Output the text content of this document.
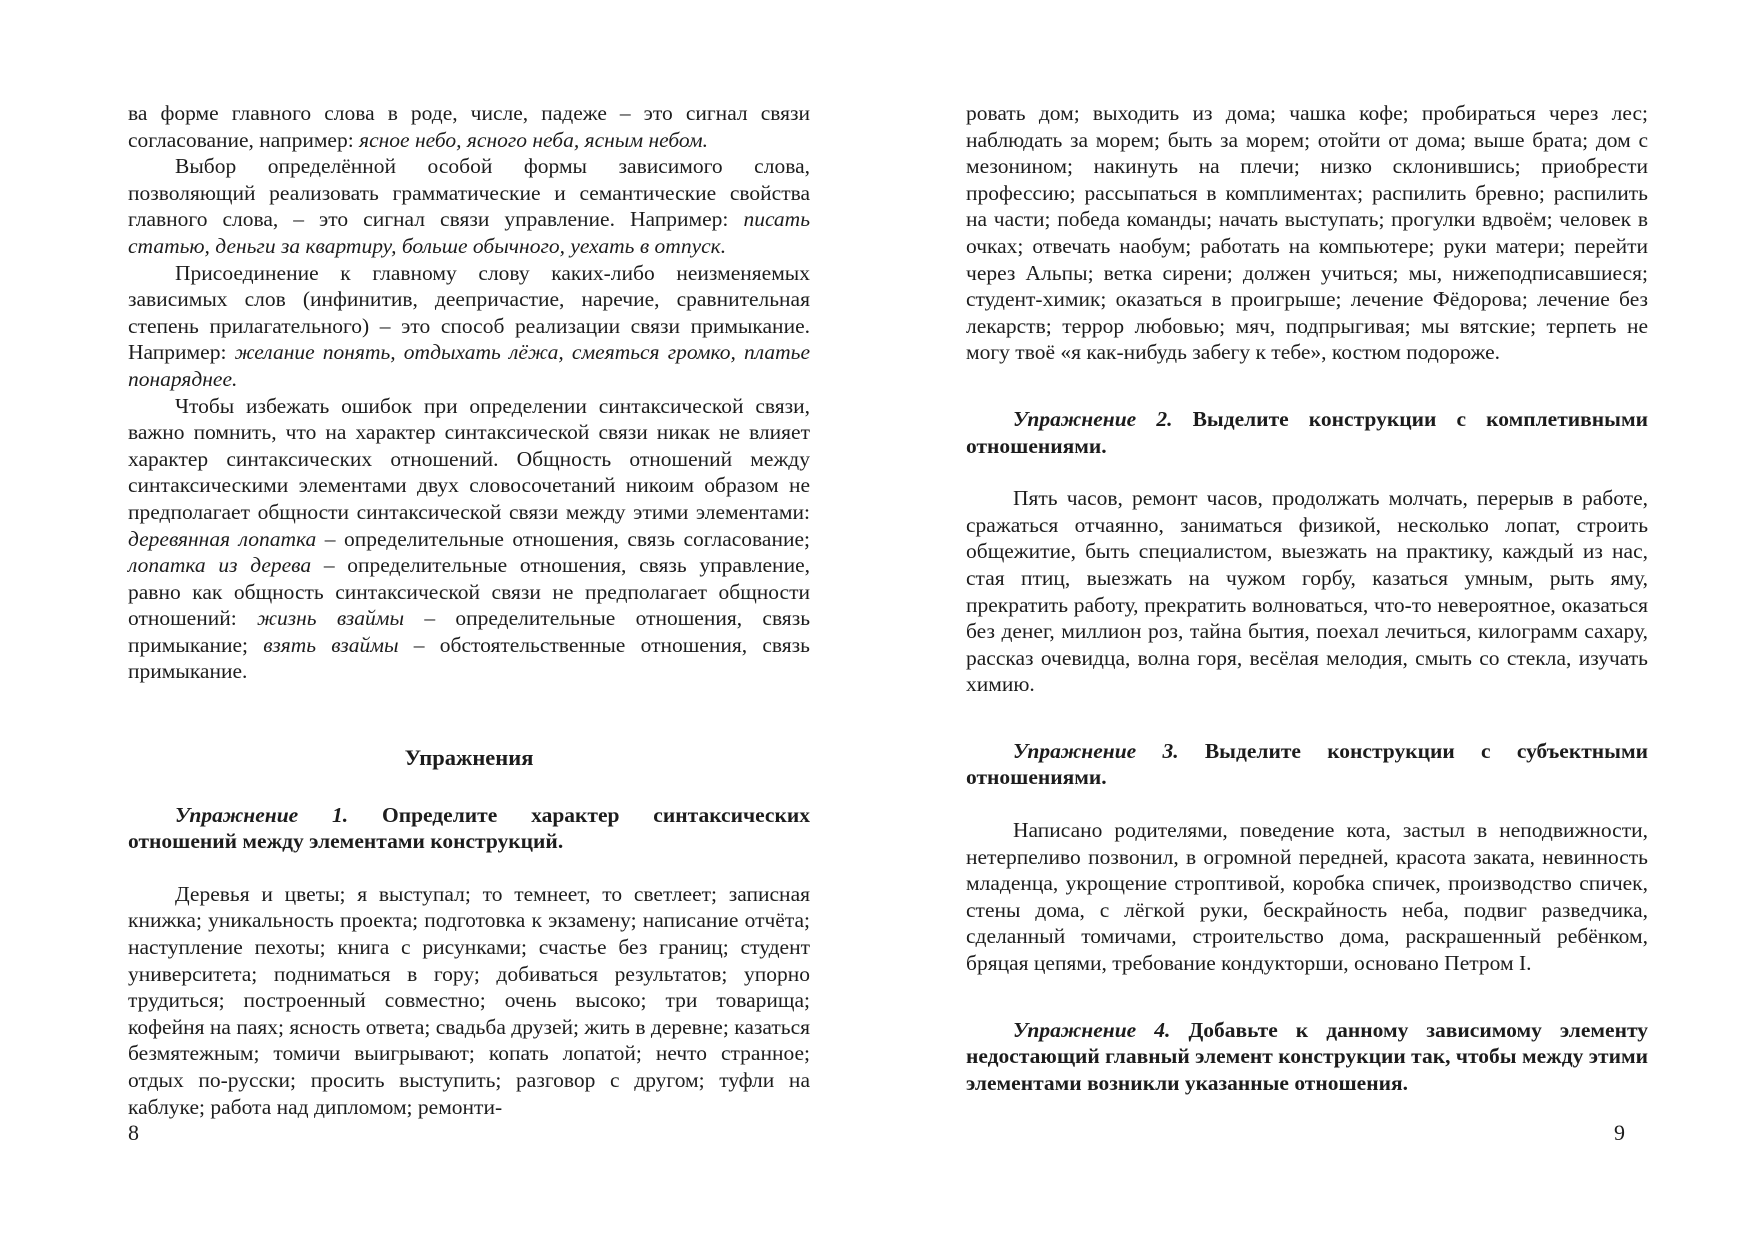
ва форме главного слова в роде, числе, падеже – это сигнал связи согласование, например: ясное небо, ясного неба, ясным небом.

Выбор определённой особой формы зависимого слова, позволяющий реализовать грамматические и семантические свойства главного слова, – это сигнал связи управление. Например: писать статью, деньги за квартиру, больше обычного, уехать в отпуск.

Присоединение к главному слову каких-либо неизменяемых зависимых слов (инфинитив, деепричастие, наречие, сравнительная степень прилагательного) – это способ реализации связи примыкание. Например: желание понять, отдыхать лёжа, смеяться громко, платье понаряднее.

Чтобы избежать ошибок при определении синтаксической связи, важно помнить, что на характер синтаксической связи никак не влияет характер синтаксических отношений. Общность отношений между синтаксическими элементами двух словосочетаний никоим образом не предполагает общности синтаксической связи между этими элементами: деревянная лопатка – определительные отношения, связь согласование; лопатка из дерева – определительные отношения, связь управление, равно как общность синтаксической связи не предполагает общности отношений: жизнь взаймы – определительные отношения, связь примыкание; взять взаймы – обстоятельственные отношения, связь примыкание.

Упражнения

Упражнение 1. Определите характер синтаксических отношений между элементами конструкций.

Деревья и цветы; я выступал; то темнеет, то светлеет; записная книжка; уникальность проекта; подготовка к экзамену; написание отчёта; наступление пехоты; книга с рисунками; счастье без границ; студент университета; подниматься в гору; добиваться результатов; упорно трудиться; построенный совместно; очень высоко; три товарища; кофейня на паях; ясность ответа; свадьба друзей; жить в деревне; казаться безмятежным; томичи выигрывают; копать лопатой; нечто странное; отдых по-русски; просить выступить; разговор с другом; туфли на каблуке; работа над дипломом; ремонти-

8

ровать дом; выходить из дома; чашка кофе; пробираться через лес; наблюдать за морем; быть за морем; отойти от дома; выше брата; дом с мезонином; накинуть на плечи; низко склонившись; приобрести профессию; рассыпаться в комплиментах; распилить бревно; распилить на части; победа команды; начать выступать; прогулки вдвоём; человек в очках; отвечать наобум; работать на компьютере; руки матери; перейти через Альпы; ветка сирени; должен учиться; мы, нижеподписавшиеся; студент-химик; оказаться в проигрыше; лечение Фёдорова; лечение без лекарств; террор любовью; мяч, подпрыгивая; мы вятские; терпеть не могу твоё «я как-нибудь забегу к тебе», костюм подороже.

Упражнение 2. Выделите конструкции с комплетивными отношениями.

Пять часов, ремонт часов, продолжать молчать, перерыв в работе, сражаться отчаянно, заниматься физикой, несколько лопат, строить общежитие, быть специалистом, выезжать на практику, каждый из нас, стая птиц, выезжать на чужом горбу, казаться умным, рыть яму, прекратить работу, прекратить волноваться, что-то невероятное, оказаться без денег, миллион роз, тайна бытия, поехал лечиться, килограмм сахару, рассказ очевидца, волна горя, весёлая мелодия, смыть со стекла, изучать химию.

Упражнение 3. Выделите конструкции с субъектными отношениями.

Написано родителями, поведение кота, застыл в неподвижности, нетерпеливо позвонил, в огромной передней, красота заката, невинность младенца, укрощение строптивой, коробка спичек, производство спичек, стены дома, с лёгкой руки, бескрайность неба, подвиг разведчика, сделанный томичами, строительство дома, раскрашенный ребёнком, бряцая цепями, требование кондукторши, основано Петром I.

Упражнение 4. Добавьте к данному зависимому элементу недостающий главный элемент конструкции так, чтобы между этими элементами возникли указанные отношения.

9
